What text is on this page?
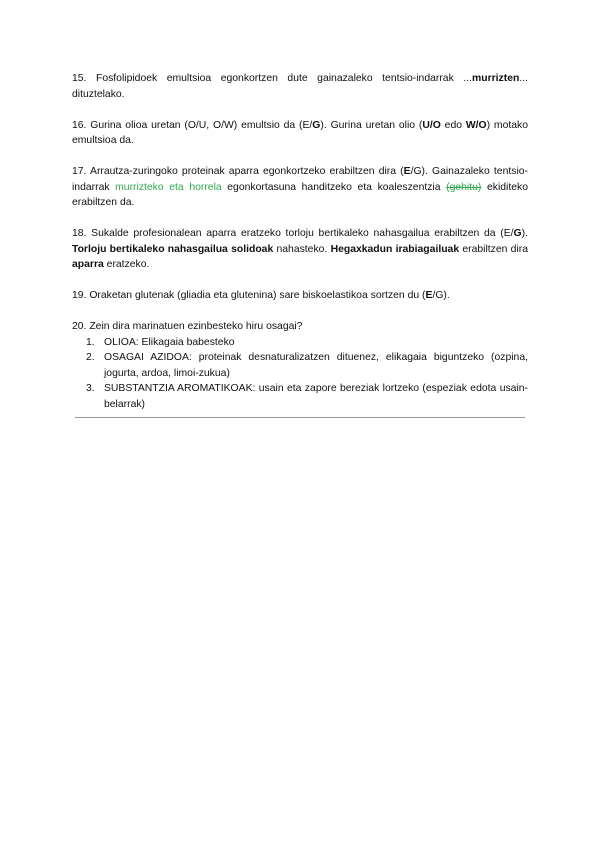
15. Fosfolipidoek emultsioa egonkortzen dute gainazaleko tentsio-indarrak ...murrizten... dituztelako.

16. Gurina olioa uretan (O/U, O/W) emultsio da (E/G). Gurina uretan olio (U/O edo W/O) motako emultsioa da.

17. Arrautza-zuringoko proteinak aparra egonkortzeko erabiltzen dira (E/G). Gainazaleko tentsio-indarrak murrizteko eta horrela egonkortasuna handitzeko eta koaleszentzia (gehitu) ekiditeko erabiltzen da.

18. Sukalde profesionalean aparra eratzeko torloju bertikaleko nahasgailua erabiltzen da (E/G). Torloju bertikaleko nahasgailua solidoak nahasteko. Hegaxkadun irabiagailuak erabiltzen dira aparra eratzeko.

19. Oraketan glutenak (gliadia eta glutenina) sare biskoelastikoa sortzen du (E/G).

20. Zein dira marinatuen ezinbesteko hiru osagai?

1. OLIOA: Elikagaia babesteko
2. OSAGAI AZIDOA: proteinak desnaturalizatzen dituenez, elikagaia biguntzeko (ozpina, jogurta, ardoa, limoi-zukua)
3. SUBSTANTZIA AROMATIKOAK: usain eta zapore bereziak lortzeko (espeziak edota usain-belarrak)
